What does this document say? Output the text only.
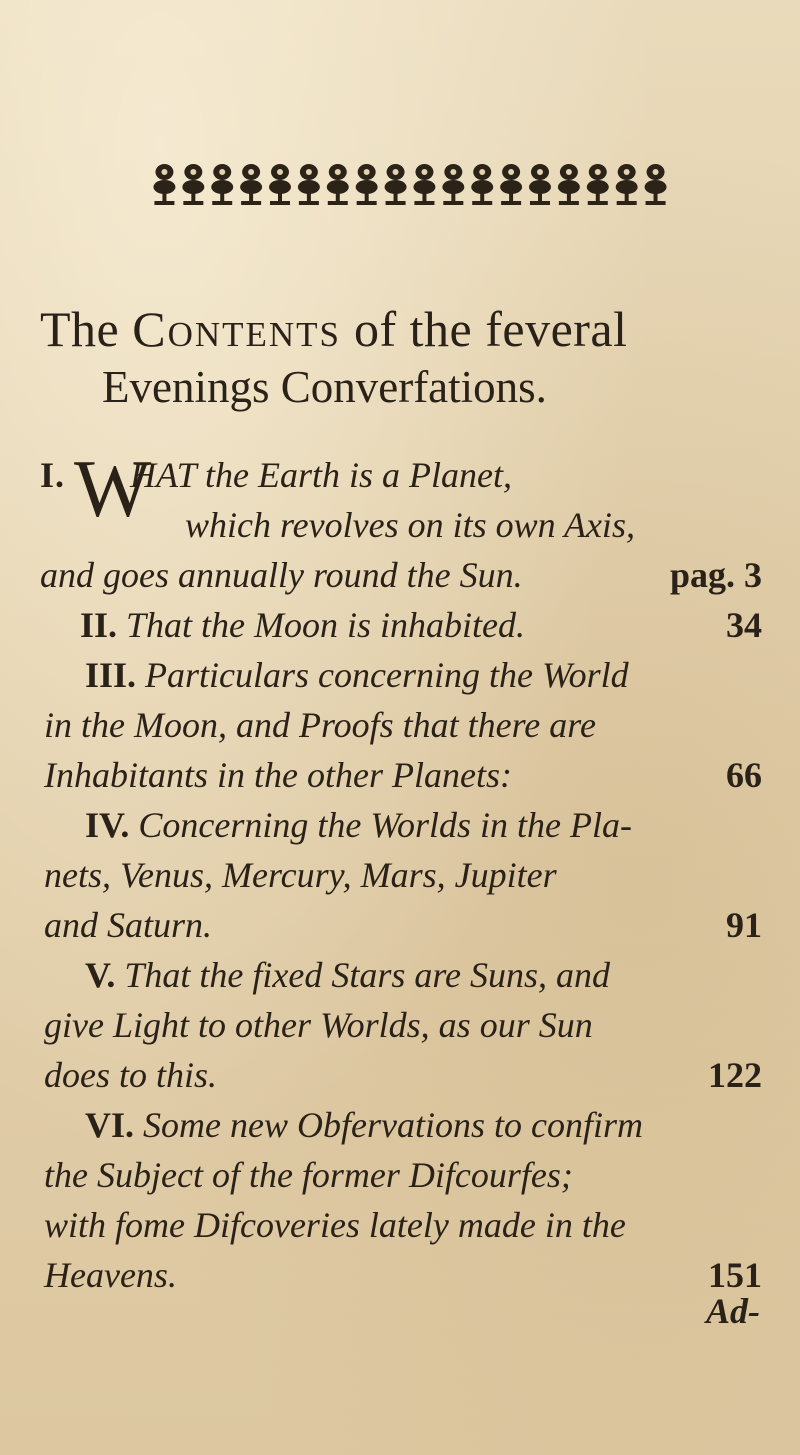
The Contents of the feveral
Evenings Converfations.
I. WHAT the Earth is a Planet,
which revolves on its own Axis,
and goes annually round the Sun.	pag. 3
II. That the Moon is inhabited.	34
III. Particulars concerning the World
in the Moon, and Proofs that there are
Inhabitants in the other Planets:	66
IV. Concerning the Worlds in the Pla-
nets, Venus, Mercury, Mars, Jupiter
and Saturn.	91
V. That the fixed Stars are Suns, and
give Light to other Worlds, as our Sun
does to this.	122
VI. Some new Obfervations to confirm
the Subject of the former Difcourfes;
with fome Difcoveries lately made in the
Heavens.	151
Ad-
